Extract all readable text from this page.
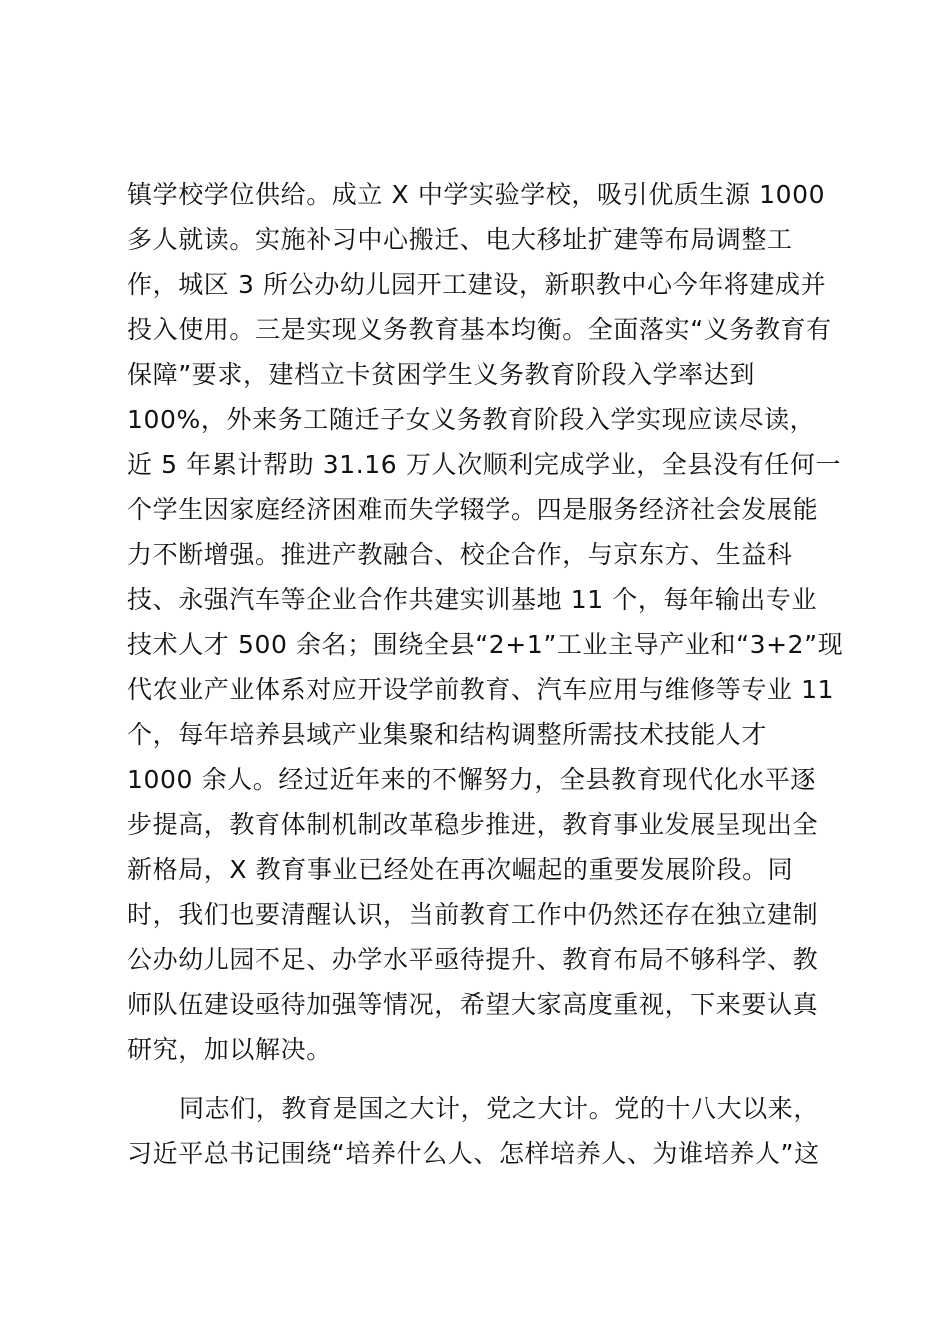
镇学校学位供给。成立 X 中学实验学校，吸引优质生源 1000
多人就读。实施补习中心搬迁、电大移址扩建等布局调整工
作，城区 3 所公办幼儿园开工建设，新职教中心今年将建成并
投入使用。三是实现义务教育基本均衡。全面落实“义务教育有
保障”要求，建档立卡贫困学生义务教育阶段入学率达到
100%，外来务工随迁子女义务教育阶段入学实现应读尽读，
近 5 年累计帮助 31.16 万人次顺利完成学业，全县没有任何一
个学生因家庭经济困难而失学辍学。四是服务经济社会发展能
力不断增强。推进产教融合、校企合作，与京东方、生益科
技、永强汽车等企业合作共建实训基地 11 个，每年输出专业
技术人才 500 余名；围绕全县“2+1”工业主导产业和“3+2”现
代农业产业体系对应开设学前教育、汽车应用与维修等专业 11
个，每年培养县域产业集聚和结构调整所需技术技能人才
1000 余人。经过近年来的不懈努力，全县教育现代化水平逐
步提高，教育体制机制改革稳步推进，教育事业发展呈现出全
新格局，X 教育事业已经处在再次崛起的重要发展阶段。同
时，我们也要清醒认识，当前教育工作中仍然还存在独立建制
公办幼儿园不足、办学水平亟待提升、教育布局不够科学、教
师队伍建设亟待加强等情况，希望大家高度重视，下来要认真
研究，加以解决。
同志们，教育是国之大计，党之大计。党的十八大以来，
习近平总书记围绕“培养什么人、怎样培养人、为谁培养人”这
